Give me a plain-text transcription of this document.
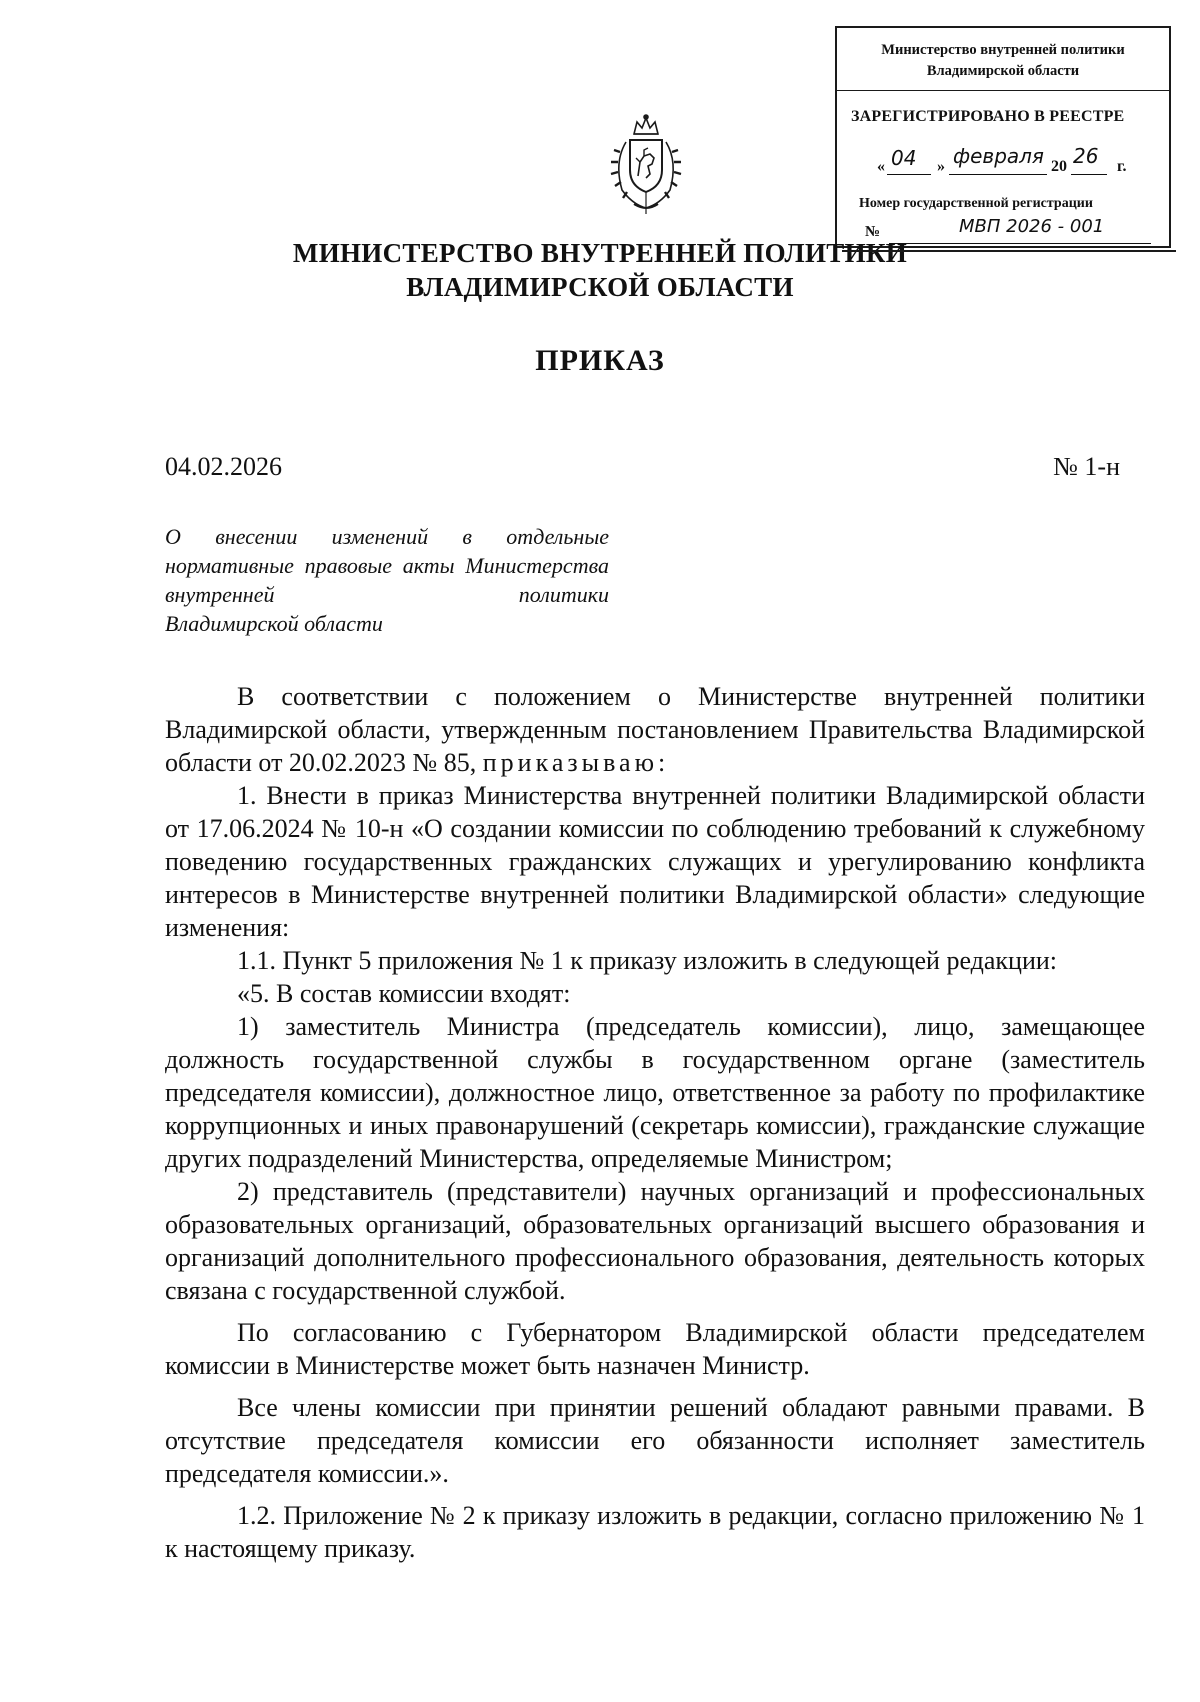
Министерство внутренней политики
Владимирской области
ЗАРЕГИСТРИРОВАНО В РЕЕСТРЕ
« 04 » февраля 20 26 г.
Номер государственной регистрации
№	МВП 2026 - 001
МИНИСТЕРСТВО ВНУТРЕННЕЙ ПОЛИТИКИ
ВЛАДИМИРСКОЙ ОБЛАСТИ
ПРИКАЗ
04.02.2026	№ 1-н
О внесении изменений в отдельные нормативные правовые акты Министерства внутренней политики
Владимирской области

В соответствии с положением о Министерстве внутренней политики Владимирской области, утвержденным постановлением Правительства Владимирской области от 20.02.2023 № 85, приказываю:

1. Внести в приказ Министерства внутренней политики Владимирской области от 17.06.2024 № 10-н «О создании комиссии по соблюдению требований к служебному поведению государственных гражданских служащих и урегулированию конфликта интересов в Министерстве внутренней политики Владимирской области» следующие изменения:

1.1. Пункт 5 приложения № 1 к приказу изложить в следующей редакции:

«5. В состав комиссии входят:

1) заместитель Министра (председатель комиссии), лицо, замещающее должность государственной службы в государственном органе (заместитель председателя комиссии), должностное лицо, ответственное за работу по профилактике коррупционных и иных правонарушений (секретарь комиссии), гражданские служащие других подразделений Министерства, определяемые Министром;

2) представитель (представители) научных организаций и профессиональных образовательных организаций, образовательных организаций высшего образования и организаций дополнительного профессионального образования, деятельность которых связана с государственной службой.

По согласованию с Губернатором Владимирской области председателем комиссии в Министерстве может быть назначен Министр.

Все члены комиссии при принятии решений обладают равными правами. В отсутствие председателя комиссии его обязанности исполняет заместитель председателя комиссии.».

1.2. Приложение № 2 к приказу изложить в редакции, согласно приложению № 1 к настоящему приказу.
